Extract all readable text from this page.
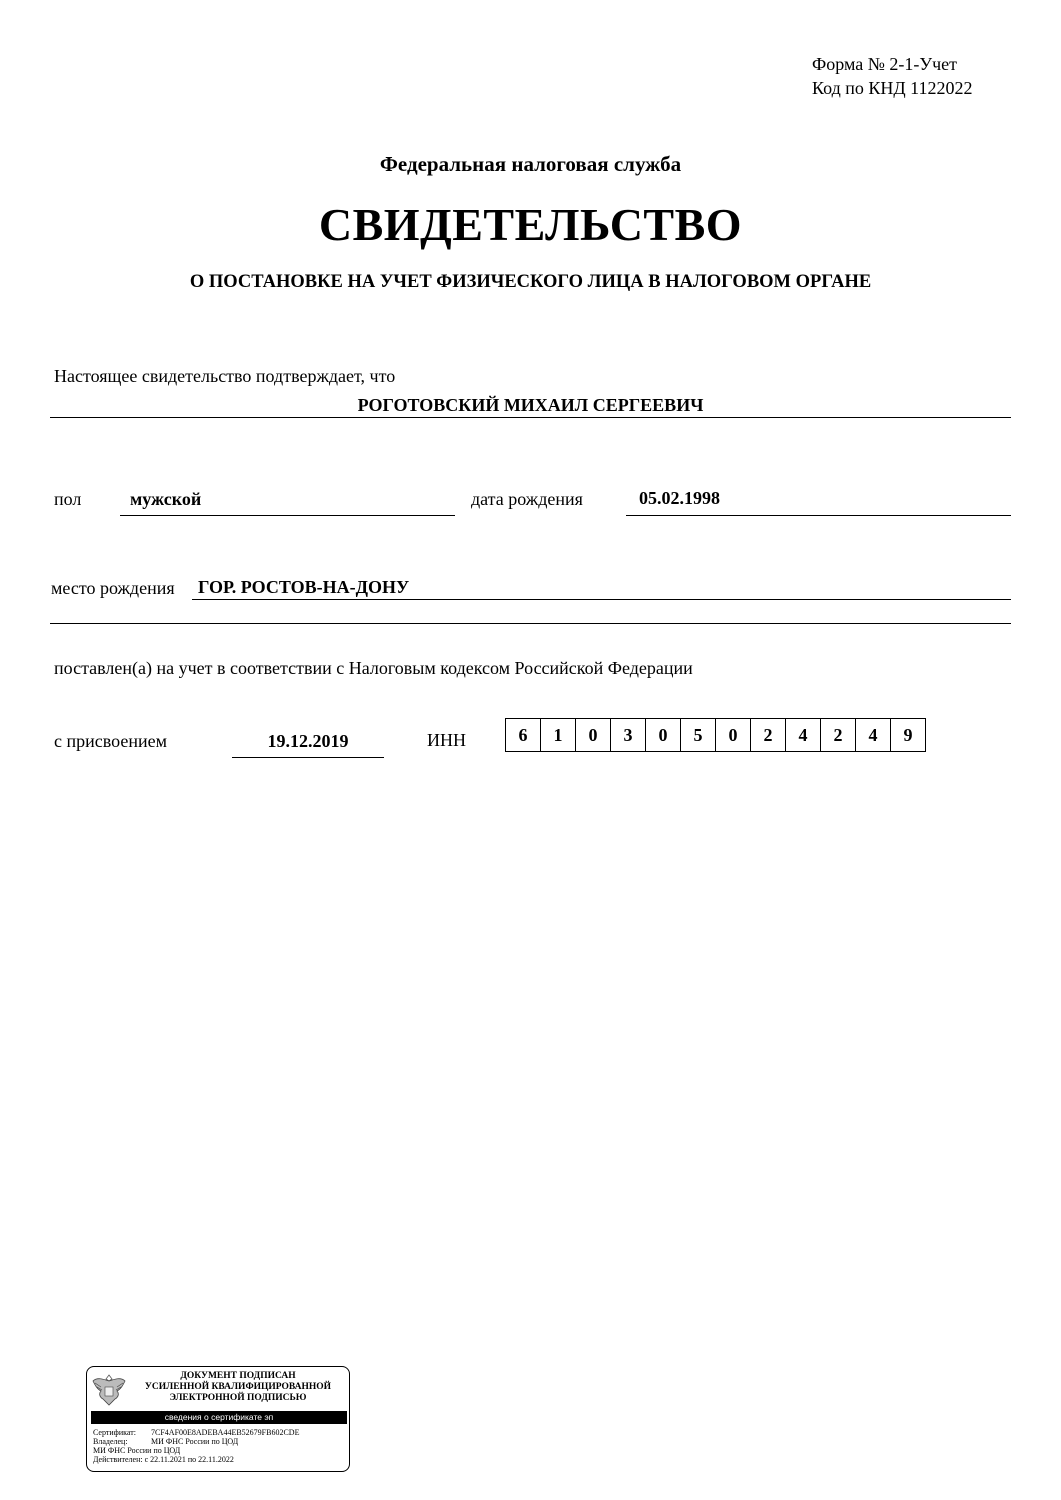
Форма № 2-1-Учет
Код по КНД 1122022
Федеральная налоговая служба
СВИДЕТЕЛЬСТВО
О ПОСТАНОВКЕ НА УЧЕТ ФИЗИЧЕСКОГО ЛИЦА В НАЛОГОВОМ ОРГАНЕ
Настоящее свидетельство подтверждает, что
РОГОТОВСКИЙ МИХАИЛ СЕРГЕЕВИЧ
пол	мужской	дата рождения	05.02.1998
место рождения ГОР. РОСТОВ-НА-ДОНУ
поставлен(а) на учет в соответствии с Налоговым кодексом Российской Федерации
с присвоением	19.12.2019	ИНН	6	1	0	3	0	5	0	2	4	2	4	9
ДОКУМЕНТ ПОДПИСАН
УСИЛЕННОЙ КВАЛИФИЦИРОВАННОЙ
ЭЛЕКТРОННОЙ ПОДПИСЬЮ
сведения о сертификате эп
Сертификат: 7CF4AF00E8ADEBA44EB52679FB602CDE
Владелец:	МИ ФНС России по ЦОД
МИ ФНС России по ЦОД
Действителен: с 22.11.2021 по 22.11.2022
